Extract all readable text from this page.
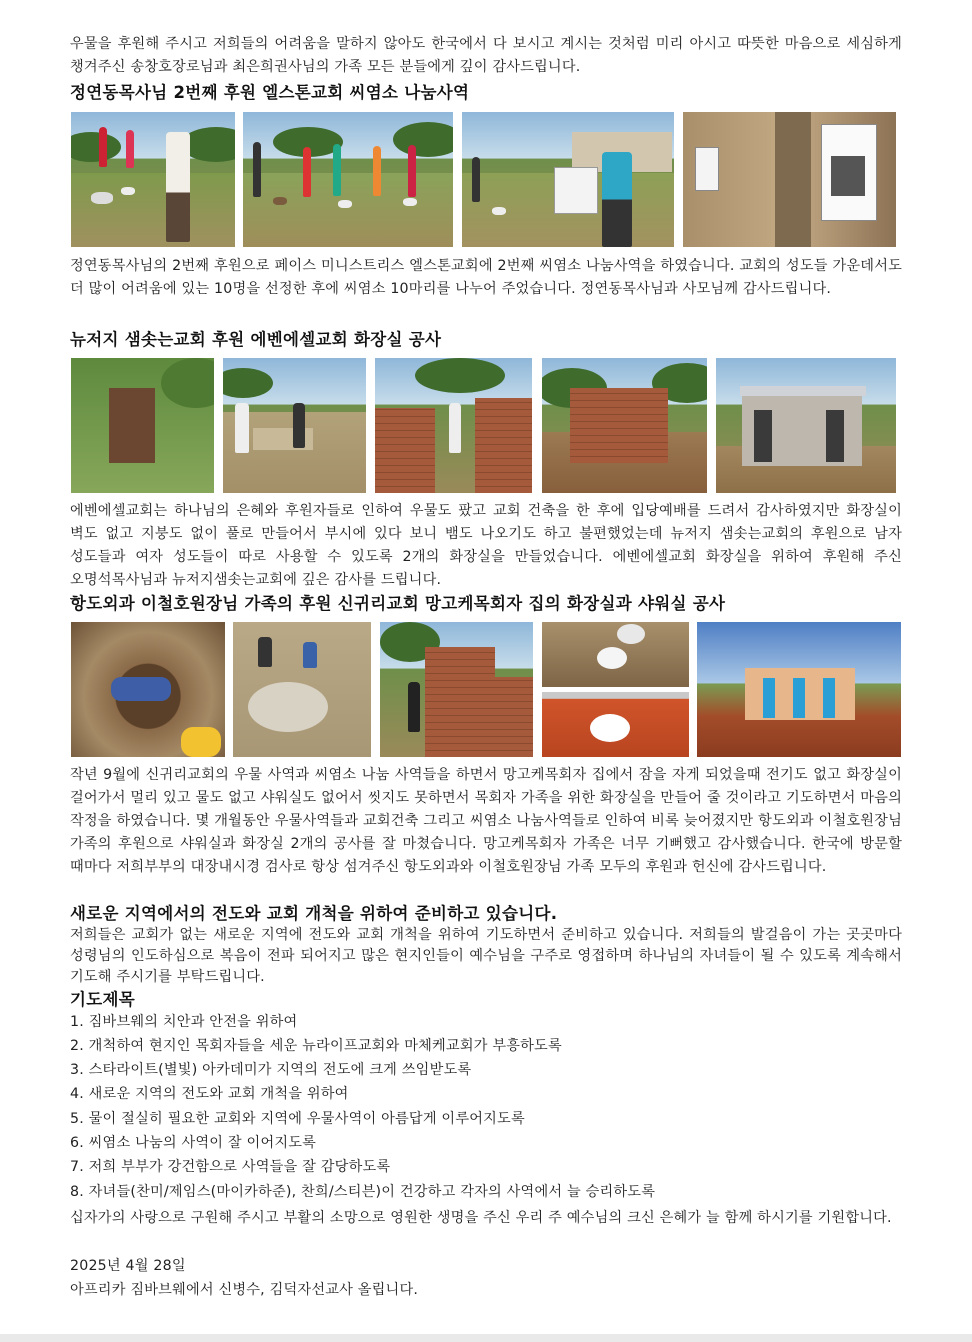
우물을 후원해 주시고 저희들의 어려움을 말하지 않아도 한국에서 다 보시고 계시는 것처럼 미리 아시고 따뜻한 마음으로 세심하게 챙겨주신 송창호장로님과 최은희권사님의 가족 모든 분들에게 깊이 감사드립니다.
정연동목사님 2번째 후원 엘스톤교회 씨염소 나눔사역
정연동목사님의 2번째 후원으로 페이스 미니스트리스 엘스톤교회에 2번째 씨염소 나눔사역을 하였습니다. 교회의 성도들 가운데서도 더 많이 어려움에 있는 10명을 선정한 후에 씨염소 10마리를 나누어 주었습니다. 정연동목사님과 사모님께 감사드립니다.
뉴저지 샘솟는교회 후원 에벤에셀교회 화장실 공사
에벤에셀교회는 하나님의 은혜와 후원자들로 인하여 우물도 팠고 교회 건축을 한 후에 입당예배를 드려서 감사하였지만 화장실이 벽도 없고 지붕도 없이 풀로 만들어서 부시에 있다 보니 뱀도 나오기도 하고 불편했었는데 뉴저지 샘솟는교회의 후원으로 남자 성도들과 여자 성도들이 따로 사용할 수 있도록 2개의 화장실을 만들었습니다. 에벤에셀교회 화장실을 위하여 후원해 주신 오명석목사님과 뉴저지샘솟는교회에 깊은 감사를 드립니다.
항도외과 이철호원장님 가족의 후원 신귀리교회 망고케목회자 집의 화장실과 샤워실 공사
작년 9월에 신귀리교회의 우물 사역과 씨염소 나눔 사역들을 하면서 망고케목회자 집에서 잠을 자게 되었을때 전기도 없고 화장실이 걸어가서 멀리 있고 물도 없고 샤워실도 없어서 씻지도 못하면서 목회자 가족을 위한 화장실을 만들어 줄 것이라고 기도하면서 마음의 작정을 하였습니다. 몇 개월동안 우물사역들과 교회건축 그리고 씨염소 나눔사역들로 인하여 비록 늦어졌지만 항도외과 이철호원장님 가족의 후원으로 샤워실과 화장실 2개의 공사를 잘 마쳤습니다. 망고케목회자 가족은 너무 기뻐했고 감사했습니다. 한국에 방문할 때마다 저희부부의 대장내시경 검사로 항상 섬겨주신 항도외과와 이철호원장님 가족 모두의 후원과 헌신에 감사드립니다.
새로운 지역에서의 전도와 교회 개척을 위하여 준비하고 있습니다.
저희들은 교회가 없는 새로운 지역에 전도와 교회 개척을 위하여 기도하면서 준비하고 있습니다. 저희들의 발걸음이 가는 곳곳마다 성령님의 인도하심으로 복음이 전파 되어지고 많은 현지인들이 예수님을 구주로 영접하며 하나님의 자녀들이 될 수 있도록 계속해서 기도해 주시기를 부탁드립니다.
기도제목
1. 짐바브웨의 치안과 안전을 위하여
2. 개척하여 현지인 목회자들을 세운 뉴라이프교회와 마체케교회가 부흥하도록
3. 스타라이트(별빛) 아카데미가 지역의 전도에 크게 쓰임받도록
4. 새로운 지역의 전도와 교회 개척을 위하여
5. 물이 절실히 필요한 교회와 지역에 우물사역이 아름답게 이루어지도록
6. 씨염소 나눔의 사역이 잘 이어지도록
7. 저희 부부가 강건함으로 사역들을 잘 감당하도록
8. 자녀들(찬미/제임스(마이카하준), 찬희/스티븐)이 건강하고 각자의 사역에서 늘 승리하도록
십자가의 사랑으로 구원해 주시고 부활의 소망으로 영원한 생명을 주신 우리 주 예수님의 크신 은혜가 늘 함께 하시기를 기원합니다.
2025년 4월 28일
아프리카 짐바브웨에서 신병수, 김덕자선교사 올립니다.
